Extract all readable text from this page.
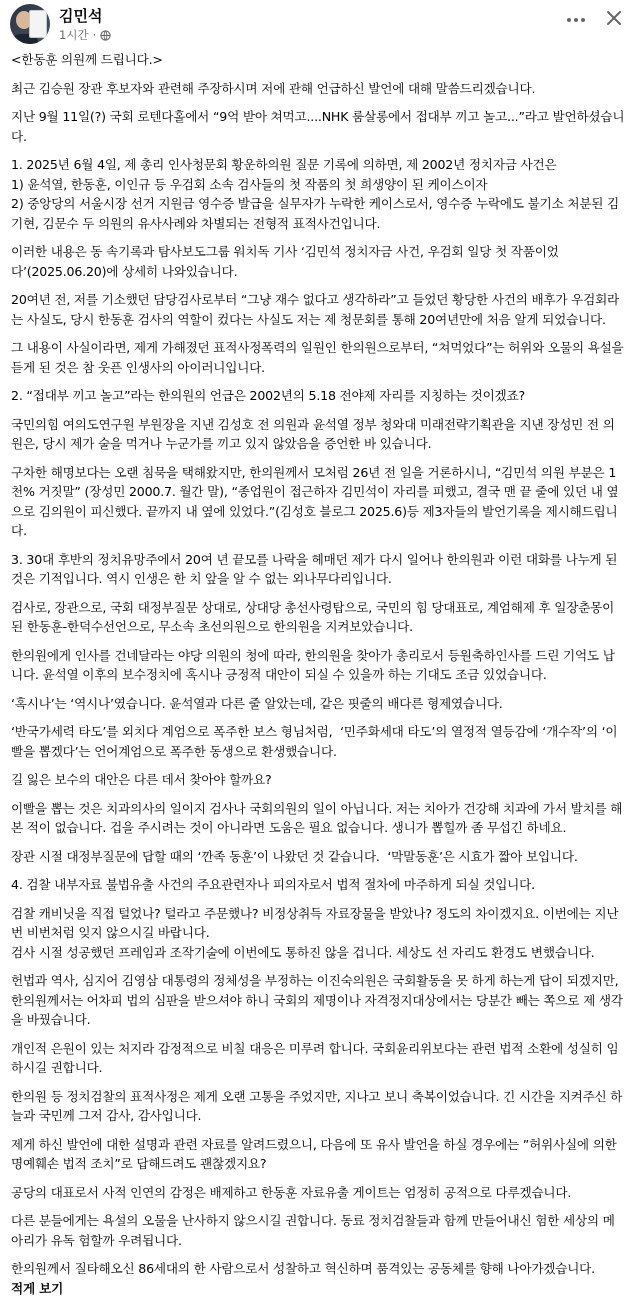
김민석
1시간 ·

<한동훈 의원께 드립니다.>

최근 김승원 장관 후보자와 관련해 주장하시며 저에 관해 언급하신 발언에 대해 말씀드리겠습니다.

지난 9월 11일(?) 국회 로텐다홀에서 “9억 받아 쳐먹고....NHK 룸살롱에서 접대부 끼고 놀고...”라고 발언하셨습니다.

1. 2025년 6월 4일, 제 총리 인사청문회 황운하의원 질문 기록에 의하면, 제 2002년 정치자금 사건은
1) 윤석열, 한동훈, 이인규 등 우검회 소속 검사들의 첫 작품의 첫 희생양이 된 케이스이자
2) 중앙당의 서울시장 선거 지원금 영수증 발급을 실무자가 누락한 케이스로서, 영수증 누락에도 불기소 처분된 김기현, 김문수 두 의원의 유사사례와 차별되는 전형적 표적사건입니다.

이러한 내용은 동 속기록과 탐사보도그룹 워치독 기사 ‘김민석 정치자금 사건, 우검회 일당 첫 작품이었다’(2025.06.20)에 상세히 나와있습니다.

20여년 전, 저를 기소했던 담당검사로부터 “그냥 재수 없다고 생각하라”고 들었던 황당한 사건의 배후가 우검회라는 사실도, 당시 한동훈 검사의 역할이 컸다는 사실도 저는 제 청문회를 통해 20여년만에 처음 알게 되었습니다.

그 내용이 사실이라면, 제게 가해졌던 표적사정폭력의 일원인 한의원으로부터, “쳐먹었다”는 허위와 오물의 욕설을 듣게 된 것은 참 웃픈 인생사의 아이러니입니다.

2. “접대부 끼고 놀고”라는 한의원의 언급은 2002년의 5.18 전야제 자리를 지칭하는 것이겠죠?

국민의힘 여의도연구원 부원장을 지낸 김성호 전 의원과 윤석열 정부 청와대 미래전략기획관을 지낸 장성민 전 의원은, 당시 제가 술을 먹거나 누군가를 끼고 있지 않았음을 증언한 바 있습니다.

구차한 해명보다는 오랜 침묵을 택해왔지만, 한의원께서 모처럼 26년 전 일을 거론하시니, “김민석 의원 부분은 1천% 거짓말” (장성민 2000.7. 월간 말), “종업원이 접근하자 김민석이 자리를 피했고, 결국 맨 끝 줄에 있던 내 옆으로 김의원이 피신했다. 끝까지 내 옆에 있었다.”(김성호 블로그 2025.6)등 제3자들의 발언기록을 제시해드립니다.

3. 30대 후반의 정치유망주에서 20여 년 끝모를 나락을 헤매던 제가 다시 일어나 한의원과 이런 대화를 나누게 된 것은 기적입니다. 역시 인생은 한 치 앞을 알 수 없는 외나무다리입니다.

검사로, 장관으로, 국회 대정부질문 상대로, 상대당 총선사령탑으로, 국민의 힘 당대표로, 계엄해제 후 일장춘몽이 된 한동훈-한덕수선언으로, 무소속 초선의원으로 한의원을 지켜보았습니다.

한의원에게 인사를 건네달라는 야당 의원의 청에 따라, 한의원을 찾아가 총리로서 등원축하인사를 드린 기억도 납니다. 윤석열 이후의 보수정치에 혹시나 긍정적 대안이 되실 수 있을까 하는 기대도 조금 있었습니다.

‘혹시나’는 ‘역시나’였습니다. 윤석열과 다른 줄 알았는데, 같은 핏줄의 배다른 형제였습니다.

‘반국가세력 타도’를 외치다 계엄으로 폭주한 보스 형님처럼,  ‘민주화세대 타도’의 열정적 열등감에 ‘개수작’의 ‘이빨을 뽑겠다’는 언어계엄으로 폭주한 동생으로 환생했습니다.

길 잃은 보수의 대안은 다른 데서 찾아야 할까요?

이빨을 뽑는 것은 치과의사의 일이지 검사나 국회의원의 일이 아닙니다. 저는 치아가 건강해 치과에 가서 발치를 해본 적이 없습니다. 겁을 주시려는 것이 아니라면 도움은 필요 없습니다. 생니가 뽑힐까 좀 무섭긴 하네요.

장관 시절 대정부질문에 답할 때의 ‘깐족 동훈’이 나왔던 것 같습니다.  ‘막말동훈’은 시효가 짧아 보입니다.

4. 검찰 내부자료 불법유출 사건의 주요관련자나 피의자로서 법적 절차에 마주하게 되실 것입니다.

검찰 캐비닛을 직접 털었나? 털라고 주문했나? 비정상취득 자료장물을 받았나? 정도의 차이겠지요. 이번에는 지난 번 비번처럼 잊지 않으시길 바랍니다.
검사 시절 성공했던 프레임과 조작기술에 이번에도 통하진 않을 겁니다. 세상도 선 자리도 환경도 변했습니다.

헌법과 역사, 심지어 김영삼 대통령의 정체성을 부정하는 이진숙의원은 국회활동을 못 하게 하는게 답이 되겠지만, 한의원께서는 어차피 법의 심판을 받으셔야 하니 국회의 제명이나 자격정지대상에서는 당분간 빼는 쪽으로 제 생각을 바꿨습니다.

개인적 은원이 있는 처지라 감정적으로 비칠 대응은 미루려 합니다. 국회윤리위보다는 관련 법적 소환에 성실히 임하시길 권합니다.

한의원 등 정치검찰의 표적사정은 제게 오랜 고통을 주었지만, 지나고 보니 축복이었습니다. 긴 시간을 지켜주신 하늘과 국민께 그저 감사, 감사입니다.

제게 하신 발언에 대한 설명과 관련 자료를 알려드렸으니, 다음에 또 유사 발언을 하실 경우에는 ”허위사실에 의한 명예훼손 법적 조치”로 답해드려도 괜찮겠지요?

공당의 대표로서 사적 인연의 감정은 배제하고 한동훈 자료유출 게이트는 엄정히 공적으로 다루겠습니다.

다른 분들에게는 욕설의 오물을 난사하지 않으시길 권합니다. 동료 정치검찰들과 함께 만들어내신 험한 세상의 메아리가 유독 험할까 우려됩니다.

한의원께서 질타해오신 86세대의 한 사람으로서 성찰하고 혁신하며 품격있는 공동체를 향해 나아가겠습니다.

적게 보기
